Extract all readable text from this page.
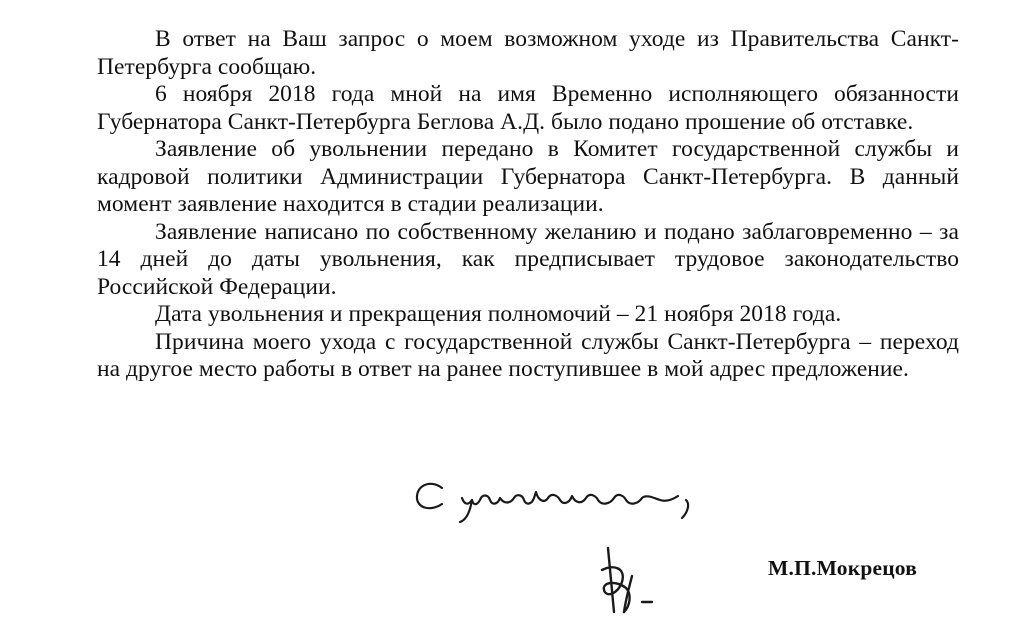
В ответ на Ваш запрос о моем возможном уходе из Правительства Санкт-Петербурга сообщаю.

6 ноября 2018 года мной на имя Временно исполняющего обязанности Губернатора Санкт-Петербурга Беглова А.Д. было подано прошение об отставке.

Заявление об увольнении передано в Комитет государственной службы и кадровой политики Администрации Губернатора Санкт-Петербурга. В данный момент заявление находится в стадии реализации.

Заявление написано по собственному желанию и подано заблаговременно – за 14 дней до даты увольнения, как предписывает трудовое законодательство Российской Федерации.

Дата увольнения и прекращения полномочий – 21 ноября 2018 года.

Причина моего ухода с государственной службы Санкт-Петербурга – переход на другое место работы в ответ на ранее поступившее в мой адрес предложение.

М.П.Мокрецов
